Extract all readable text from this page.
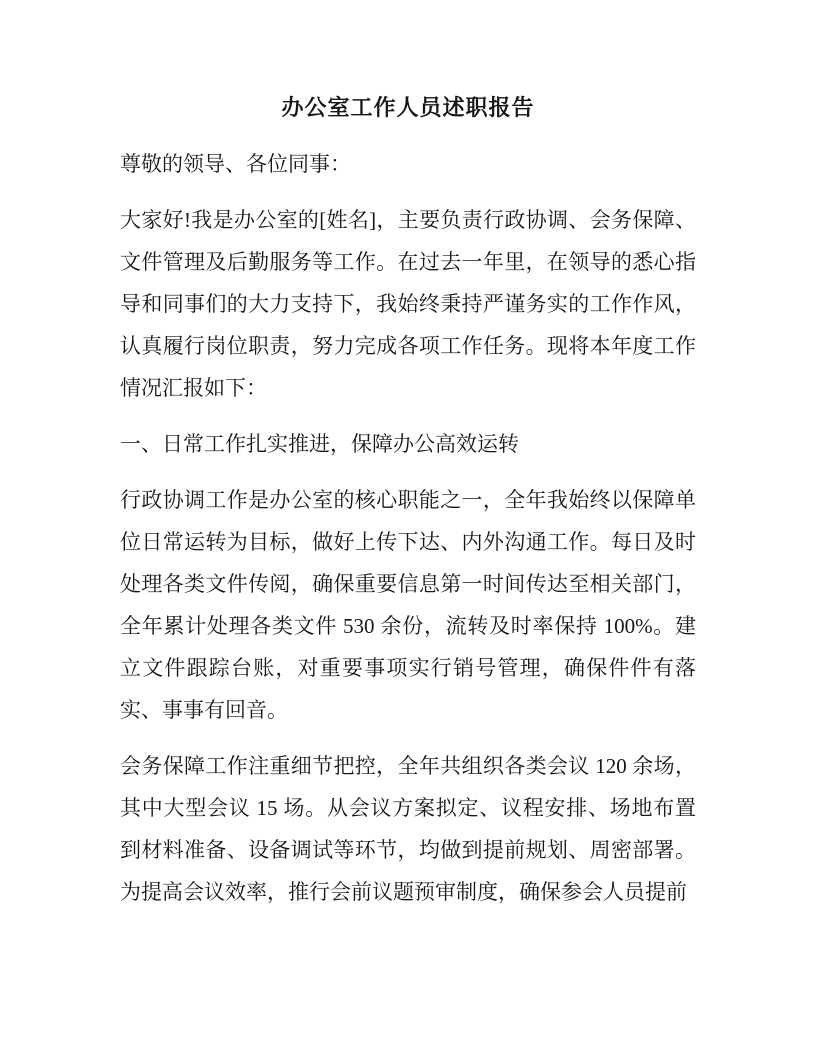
办公室工作人员述职报告

尊敬的领导、各位同事：

大家好!我是办公室的[姓名]，主要负责行政协调、会务保障、文件管理及后勤服务等工作。在过去一年里，在领导的悉心指导和同事们的大力支持下，我始终秉持严谨务实的工作作风，认真履行岗位职责，努力完成各项工作任务。现将本年度工作情况汇报如下：

一、日常工作扎实推进，保障办公高效运转

行政协调工作是办公室的核心职能之一，全年我始终以保障单位日常运转为目标，做好上传下达、内外沟通工作。每日及时处理各类文件传阅，确保重要信息第一时间传达至相关部门，全年累计处理各类文件 530 余份，流转及时率保持 100%。建立文件跟踪台账，对重要事项实行销号管理，确保件件有落实、事事有回音。

会务保障工作注重细节把控，全年共组织各类会议 120 余场，其中大型会议 15 场。从会议方案拟定、议程安排、场地布置到材料准备、设备调试等环节，均做到提前规划、周密部署。为提高会议效率，推行会前议题预审制度，确保参会人员提前
